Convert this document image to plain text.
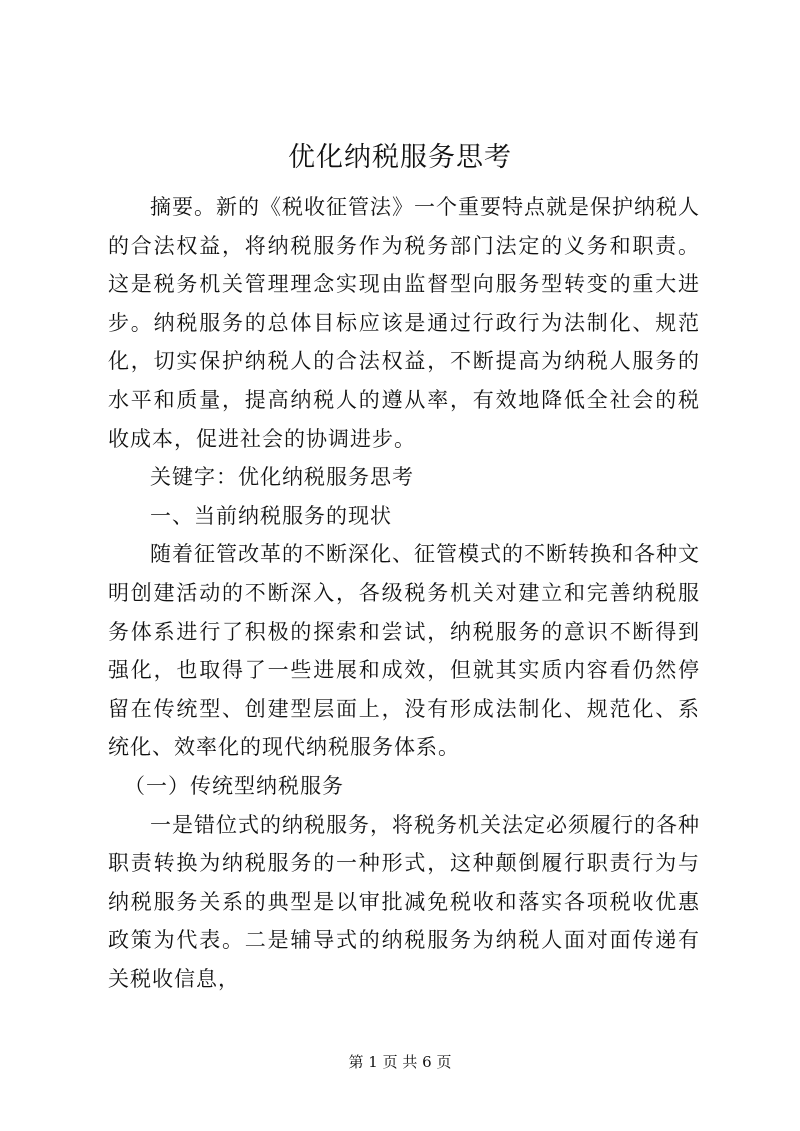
优化纳税服务思考

摘要。新的《税收征管法》一个重要特点就是保护纳税人的合法权益，将纳税服务作为税务部门法定的义务和职责。这是税务机关管理理念实现由监督型向服务型转变的重大进步。纳税服务的总体目标应该是通过行政行为法制化、规范化，切实保护纳税人的合法权益，不断提高为纳税人服务的水平和质量，提高纳税人的遵从率，有效地降低全社会的税收成本，促进社会的协调进步。

关键字：优化纳税服务思考

一、当前纳税服务的现状

随着征管改革的不断深化、征管模式的不断转换和各种文明创建活动的不断深入，各级税务机关对建立和完善纳税服务体系进行了积极的探索和尝试，纳税服务的意识不断得到强化，也取得了一些进展和成效，但就其实质内容看仍然停留在传统型、创建型层面上，没有形成法制化、规范化、系统化、效率化的现代纳税服务体系。

（一）传统型纳税服务

一是错位式的纳税服务，将税务机关法定必须履行的各种职责转换为纳税服务的一种形式，这种颠倒履行职责行为与纳税服务关系的典型是以审批减免税收和落实各项税收优惠政策为代表。二是辅导式的纳税服务为纳税人面对面传递有关税收信息，

第 1 页 共 6 页
